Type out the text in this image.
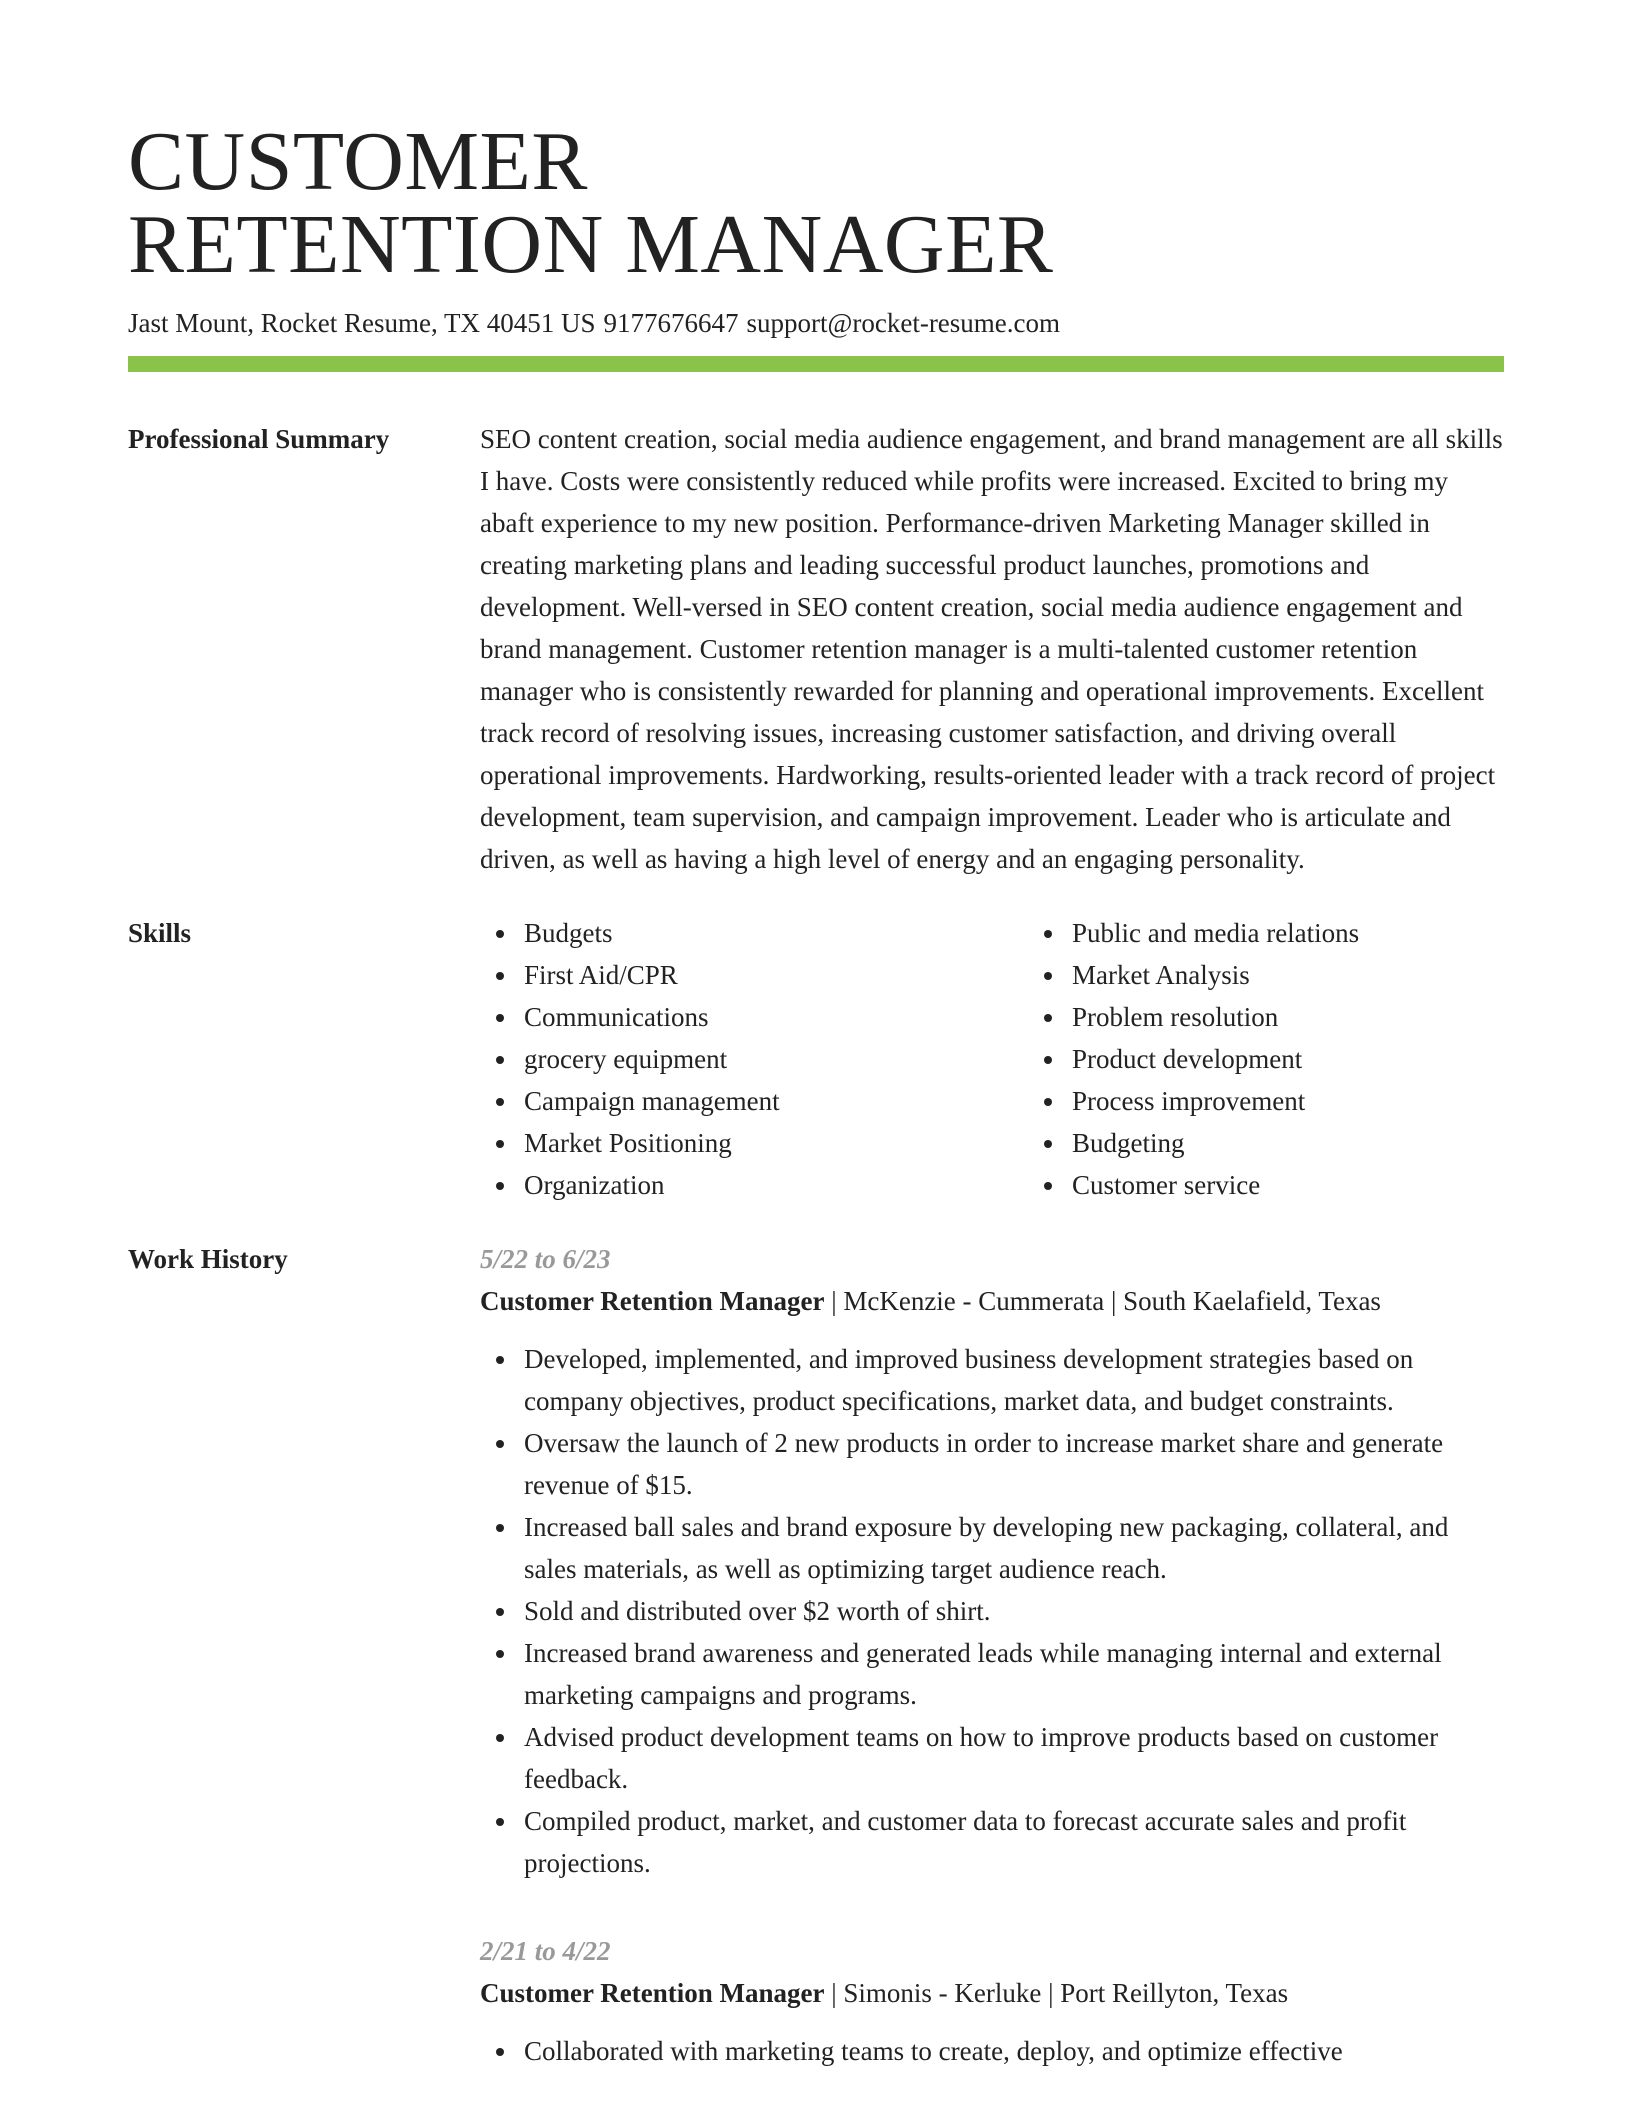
CUSTOMER
RETENTION MANAGER
Jast Mount, Rocket Resume, TX 40451 US 9177676647 support@rocket-resume.com
Professional Summary	SEO content creation, social media audience engagement, and brand management are all skills I have. Costs were consistently reduced while profits were increased. Excited to bring my abaft experience to my new position. Performance-driven Marketing Manager skilled in creating marketing plans and leading successful product launches, promotions and development. Well-versed in SEO content creation, social media audience engagement and brand management. Customer retention manager is a multi-talented customer retention manager who is consistently rewarded for planning and operational improvements. Excellent track record of resolving issues, increasing customer satisfaction, and driving overall operational improvements. Hardworking, results-oriented leader with a track record of project development, team supervision, and campaign improvement. Leader who is articulate and driven, as well as having a high level of energy and an engaging personality.
Skills	Budgets
First Aid/CPR
Communications
grocery equipment
Campaign management
Market Positioning
Organization
Public and media relations
Market Analysis
Problem resolution
Product development
Process improvement
Budgeting
Customer service
Work History	5/22 to 6/23
Customer Retention Manager | McKenzie - Cummerata | South Kaelafield, Texas
Developed, implemented, and improved business development strategies based on company objectives, product specifications, market data, and budget constraints.
Oversaw the launch of 2 new products in order to increase market share and generate revenue of $15.
Increased ball sales and brand exposure by developing new packaging, collateral, and sales materials, as well as optimizing target audience reach.
Sold and distributed over $2 worth of shirt.
Increased brand awareness and generated leads while managing internal and external marketing campaigns and programs.
Advised product development teams on how to improve products based on customer feedback.
Compiled product, market, and customer data to forecast accurate sales and profit projections.
2/21 to 4/22
Customer Retention Manager | Simonis - Kerluke | Port Reillyton, Texas
Collaborated with marketing teams to create, deploy, and optimize effective
